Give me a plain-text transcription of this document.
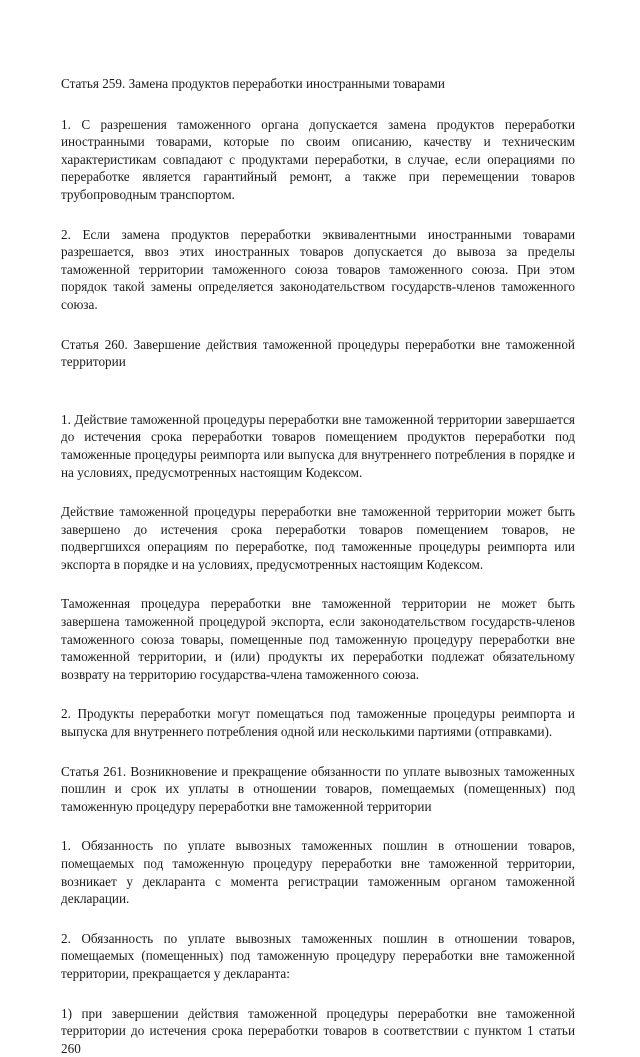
Статья 259. Замена продуктов переработки иностранными товарами

1. С разрешения таможенного органа допускается замена продуктов переработки иностранными товарами, которые по своим описанию, качеству и техническим характеристикам совпадают с продуктами переработки, в случае, если операциями по переработке является гарантийный ремонт, а также при перемещении товаров трубопроводным транспортом.

2. Если замена продуктов переработки эквивалентными иностранными товарами разрешается, ввоз этих иностранных товаров допускается до вывоза за пределы таможенной территории таможенного союза товаров таможенного союза. При этом порядок такой замены определяется законодательством государств-членов таможенного союза.

Статья 260. Завершение действия таможенной процедуры переработки вне таможенной территории

1. Действие таможенной процедуры переработки вне таможенной территории завершается до истечения срока переработки товаров помещением продуктов переработки под таможенные процедуры реимпорта или выпуска для внутреннего потребления в порядке и на условиях, предусмотренных настоящим Кодексом.

Действие таможенной процедуры переработки вне таможенной территории может быть завершено до истечения срока переработки товаров помещением товаров, не подвергшихся операциям по переработке, под таможенные процедуры реимпорта или экспорта в порядке и на условиях, предусмотренных настоящим Кодексом.

Таможенная процедура переработки вне таможенной территории не может быть завершена таможенной процедурой экспорта, если законодательством государств-членов таможенного союза товары, помещенные под таможенную процедуру переработки вне таможенной территории, и (или) продукты их переработки подлежат обязательному возврату на территорию государства-члена таможенного союза.

2. Продукты переработки могут помещаться под таможенные процедуры реимпорта и выпуска для внутреннего потребления одной или несколькими партиями (отправками).

Статья 261. Возникновение и прекращение обязанности по уплате вывозных таможенных пошлин и срок их уплаты в отношении товаров, помещаемых (помещенных) под таможенную процедуру переработки вне таможенной территории

1. Обязанность по уплате вывозных таможенных пошлин в отношении товаров, помещаемых под таможенную процедуру переработки вне таможенной территории, возникает у декларанта с момента регистрации таможенным органом таможенной декларации.

2. Обязанность по уплате вывозных таможенных пошлин в отношении товаров, помещаемых (помещенных) под таможенную процедуру переработки вне таможенной территории, прекращается у декларанта:

1) при завершении действия таможенной процедуры переработки вне таможенной территории до истечения срока переработки товаров в соответствии с пунктом 1 статьи 260
